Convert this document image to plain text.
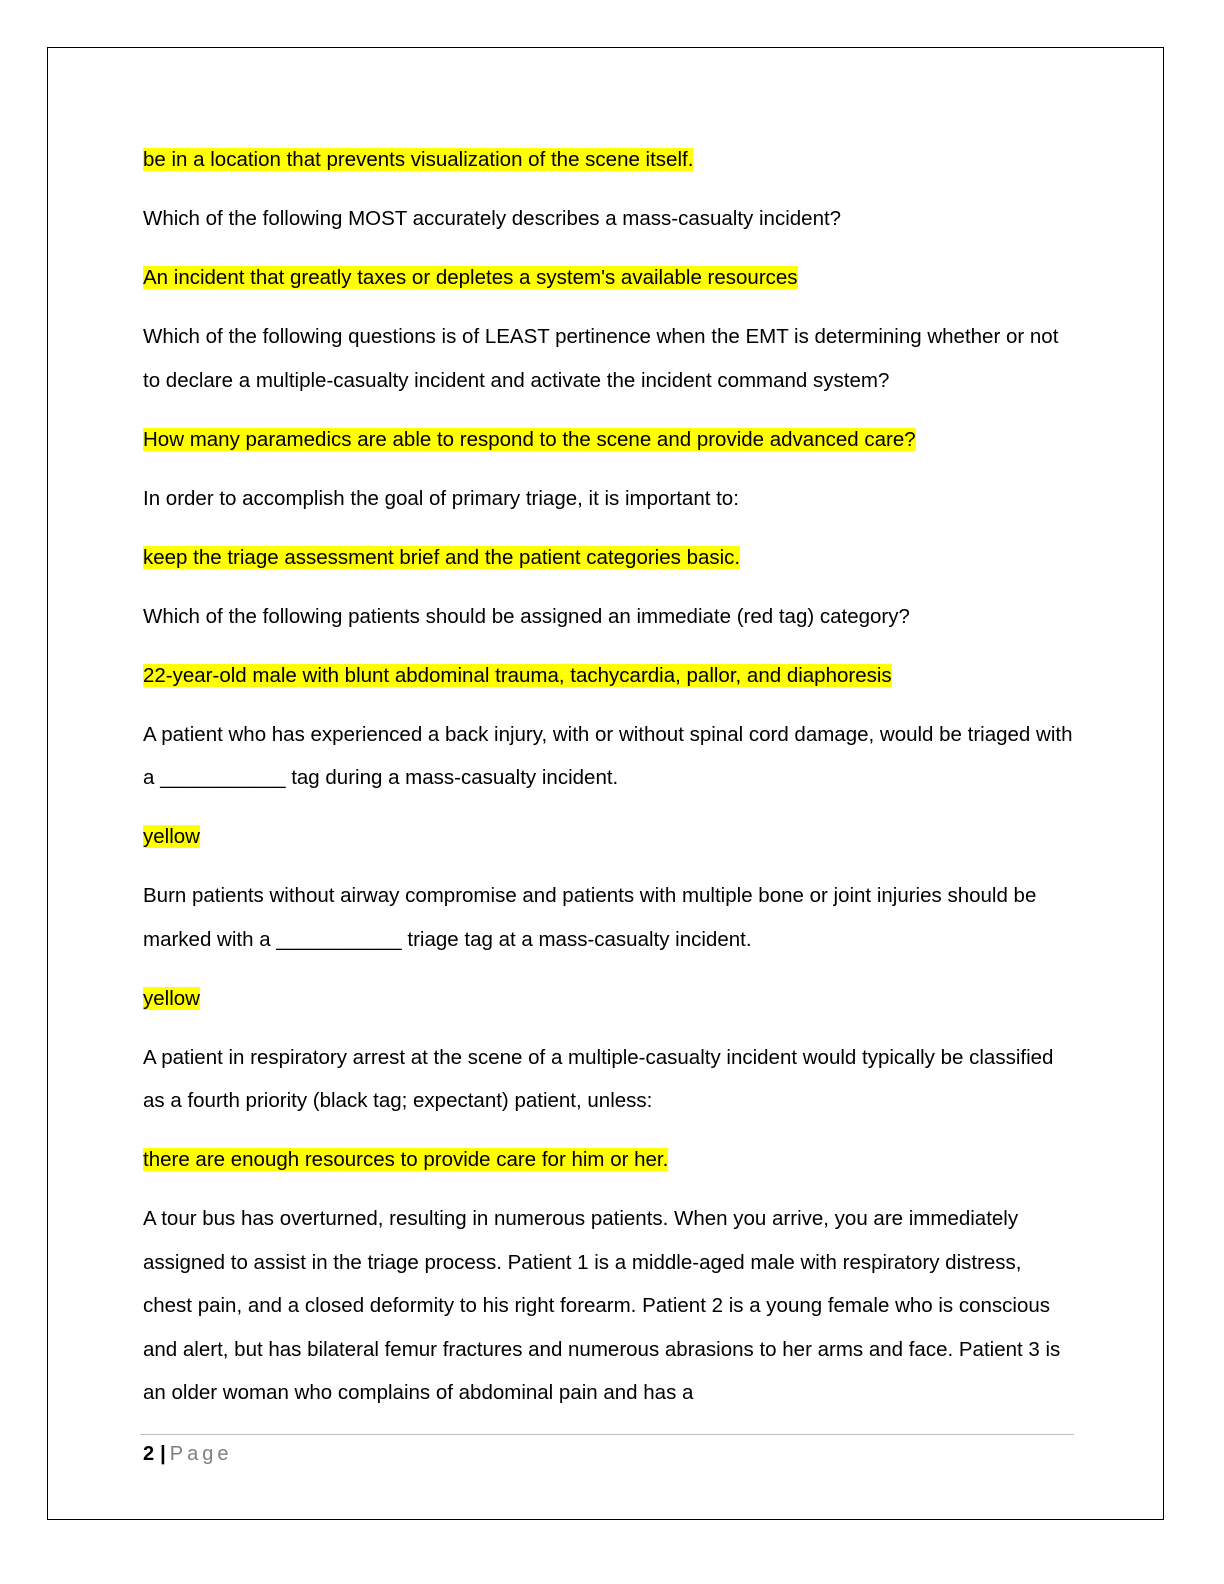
be in a location that prevents visualization of the scene itself.

Which of the following MOST accurately describes a mass-casualty incident?

An incident that greatly taxes or depletes a system's available resources

Which of the following questions is of LEAST pertinence when the EMT is determining whether or not to declare a multiple-casualty incident and activate the incident command system?

How many paramedics are able to respond to the scene and provide advanced care?

In order to accomplish the goal of primary triage, it is important to:

keep the triage assessment brief and the patient categories basic.

Which of the following patients should be assigned an immediate (red tag) category?

22-year-old male with blunt abdominal trauma, tachycardia, pallor, and diaphoresis

A patient who has experienced a back injury, with or without spinal cord damage, would be triaged with a ___________ tag during a mass-casualty incident.

yellow

Burn patients without airway compromise and patients with multiple bone or joint injuries should be marked with a ___________ triage tag at a mass-casualty incident.

yellow

A patient in respiratory arrest at the scene of a multiple-casualty incident would typically be classified as a fourth priority (black tag; expectant) patient, unless:

there are enough resources to provide care for him or her.

A tour bus has overturned, resulting in numerous patients. When you arrive, you are immediately assigned to assist in the triage process. Patient 1 is a middle-aged male with respiratory distress, chest pain, and a closed deformity to his right forearm. Patient 2 is a young female who is conscious and alert, but has bilateral femur fractures and numerous abrasions to her arms and face. Patient 3 is an older woman who complains of abdominal pain and has a

2 | Page
